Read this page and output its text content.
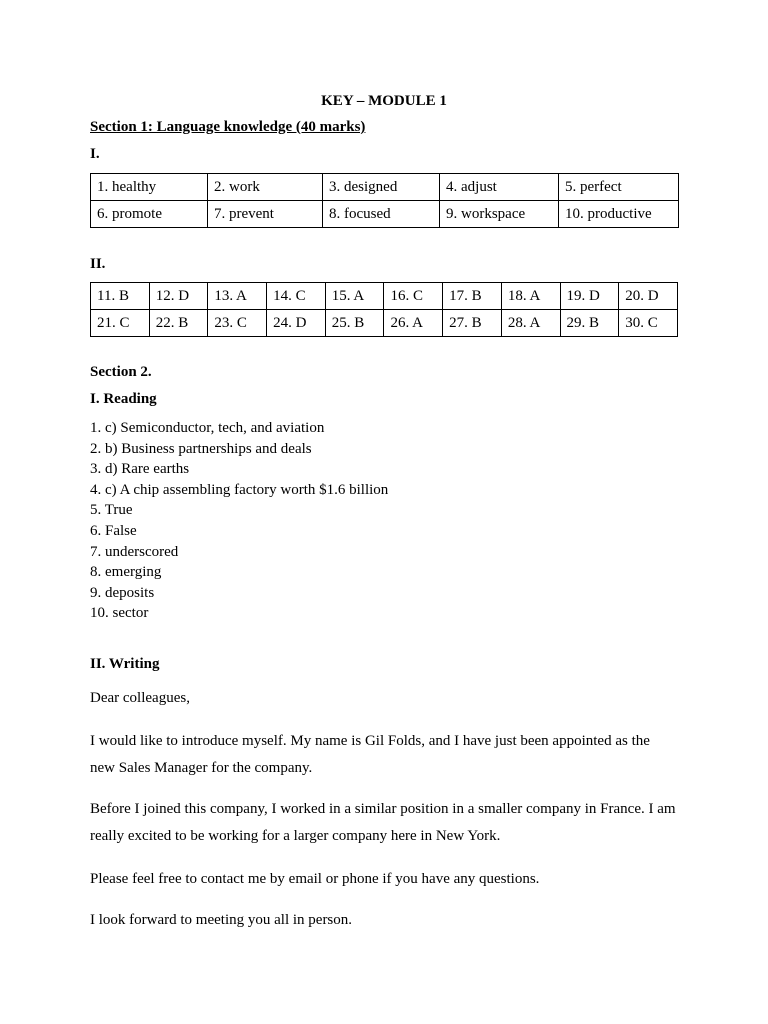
KEY – MODULE 1
Section 1: Language knowledge (40 marks)
I.
1. healthy	2. work	3. designed	4. adjust	5. perfect
6. promote	7. prevent	8. focused	9. workspace	10. productive
II.
11. B	12. D	13. A	14. C	15. A	16. C	17. B	18. A	19. D	20. D
21. C	22. B	23. C	24. D	25. B	26. A	27. B	28. A	29. B	30. C
Section 2.
I. Reading
1. c) Semiconductor, tech, and aviation
2. b) Business partnerships and deals
3. d) Rare earths
4. c) A chip assembling factory worth $1.6 billion
5. True
6. False
7. underscored
8. emerging
9. deposits
10. sector
II. Writing
Dear colleagues,
I would like to introduce myself. My name is Gil Folds, and I have just been appointed as the new Sales Manager for the company.
Before I joined this company, I worked in a similar position in a smaller company in France. I am really excited to be working for a larger company here in New York.
Please feel free to contact me by email or phone if you have any questions.
I look forward to meeting you all in person.
